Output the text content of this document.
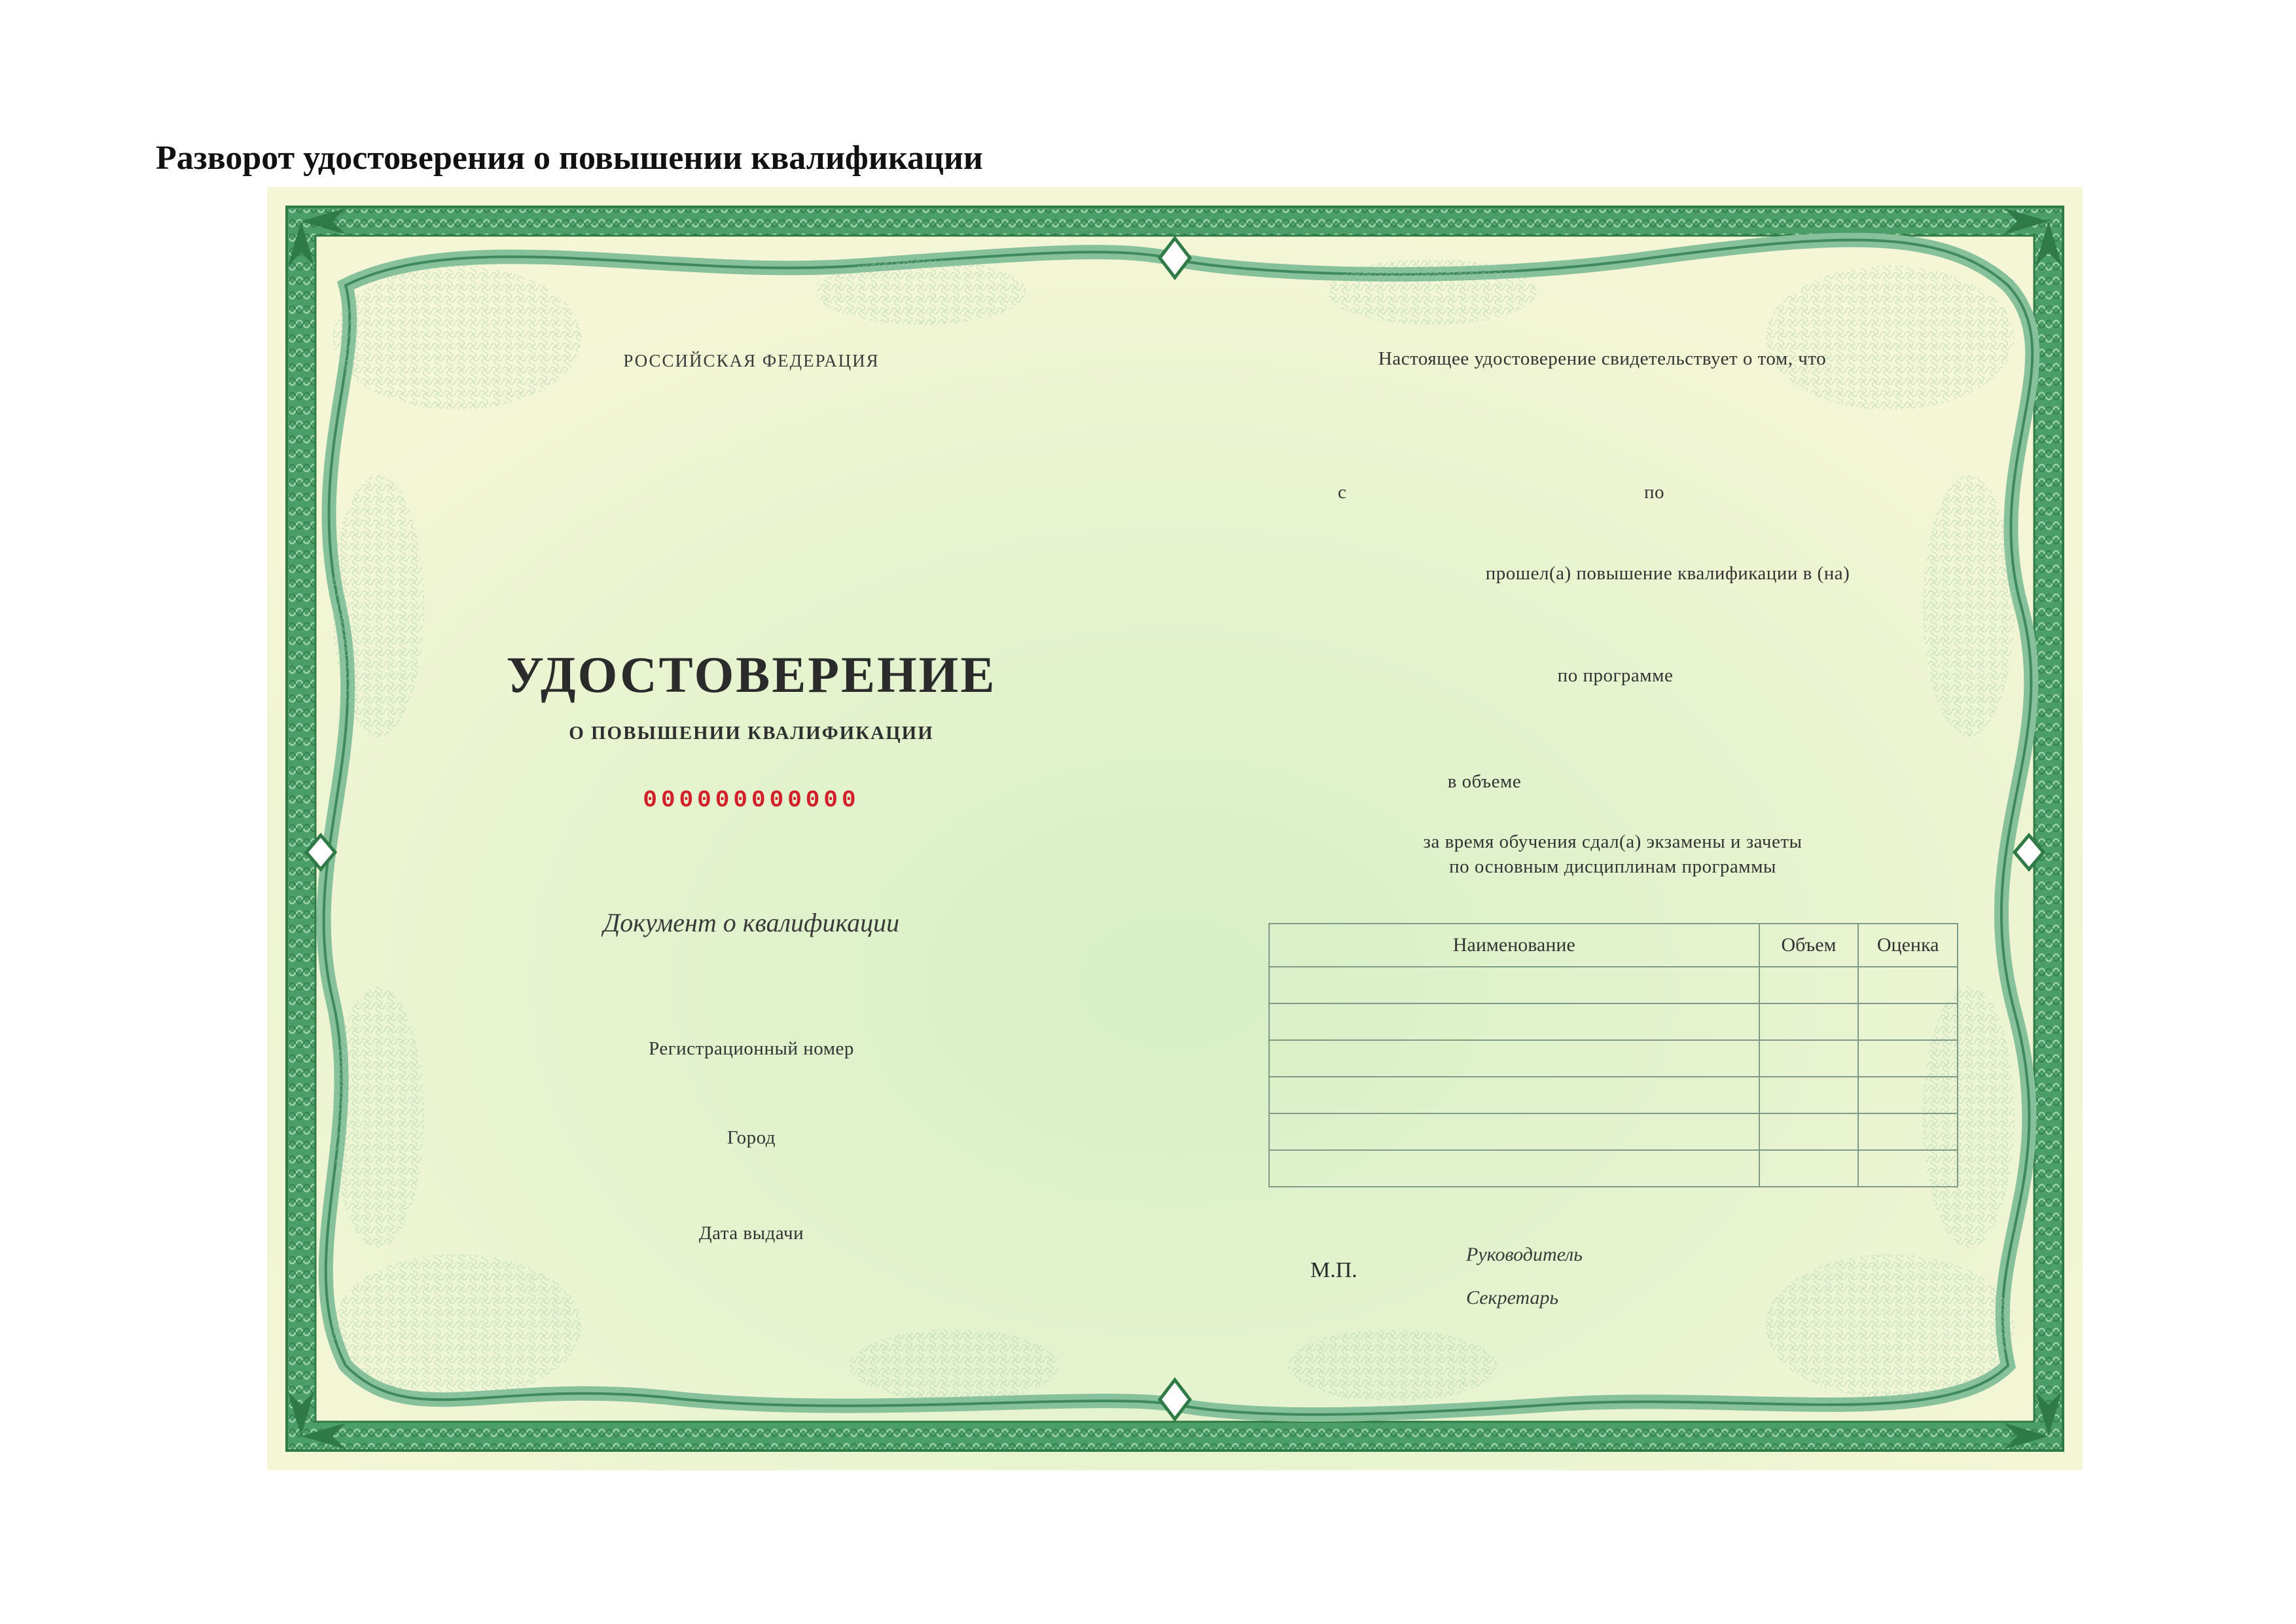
Разворот удостоверения о повышении квалификации
РОССИЙСКАЯ ФЕДЕРАЦИЯ
УДОСТОВЕРЕНИЕ
О ПОВЫШЕНИИ КВАЛИФИКАЦИИ
000000000000
Документ о квалификации
Регистрационный номер
Город
Дата выдачи
Настоящее удостоверение свидетельствует о том, что
с	по
прошел(а) повышение квалификации в (на)
по программе
в объеме
за время обучения сдал(а) экзамены и зачеты
по основным дисциплинам программы
Наименование	Объем	Оценка

М.П.
Руководитель
Секретарь
